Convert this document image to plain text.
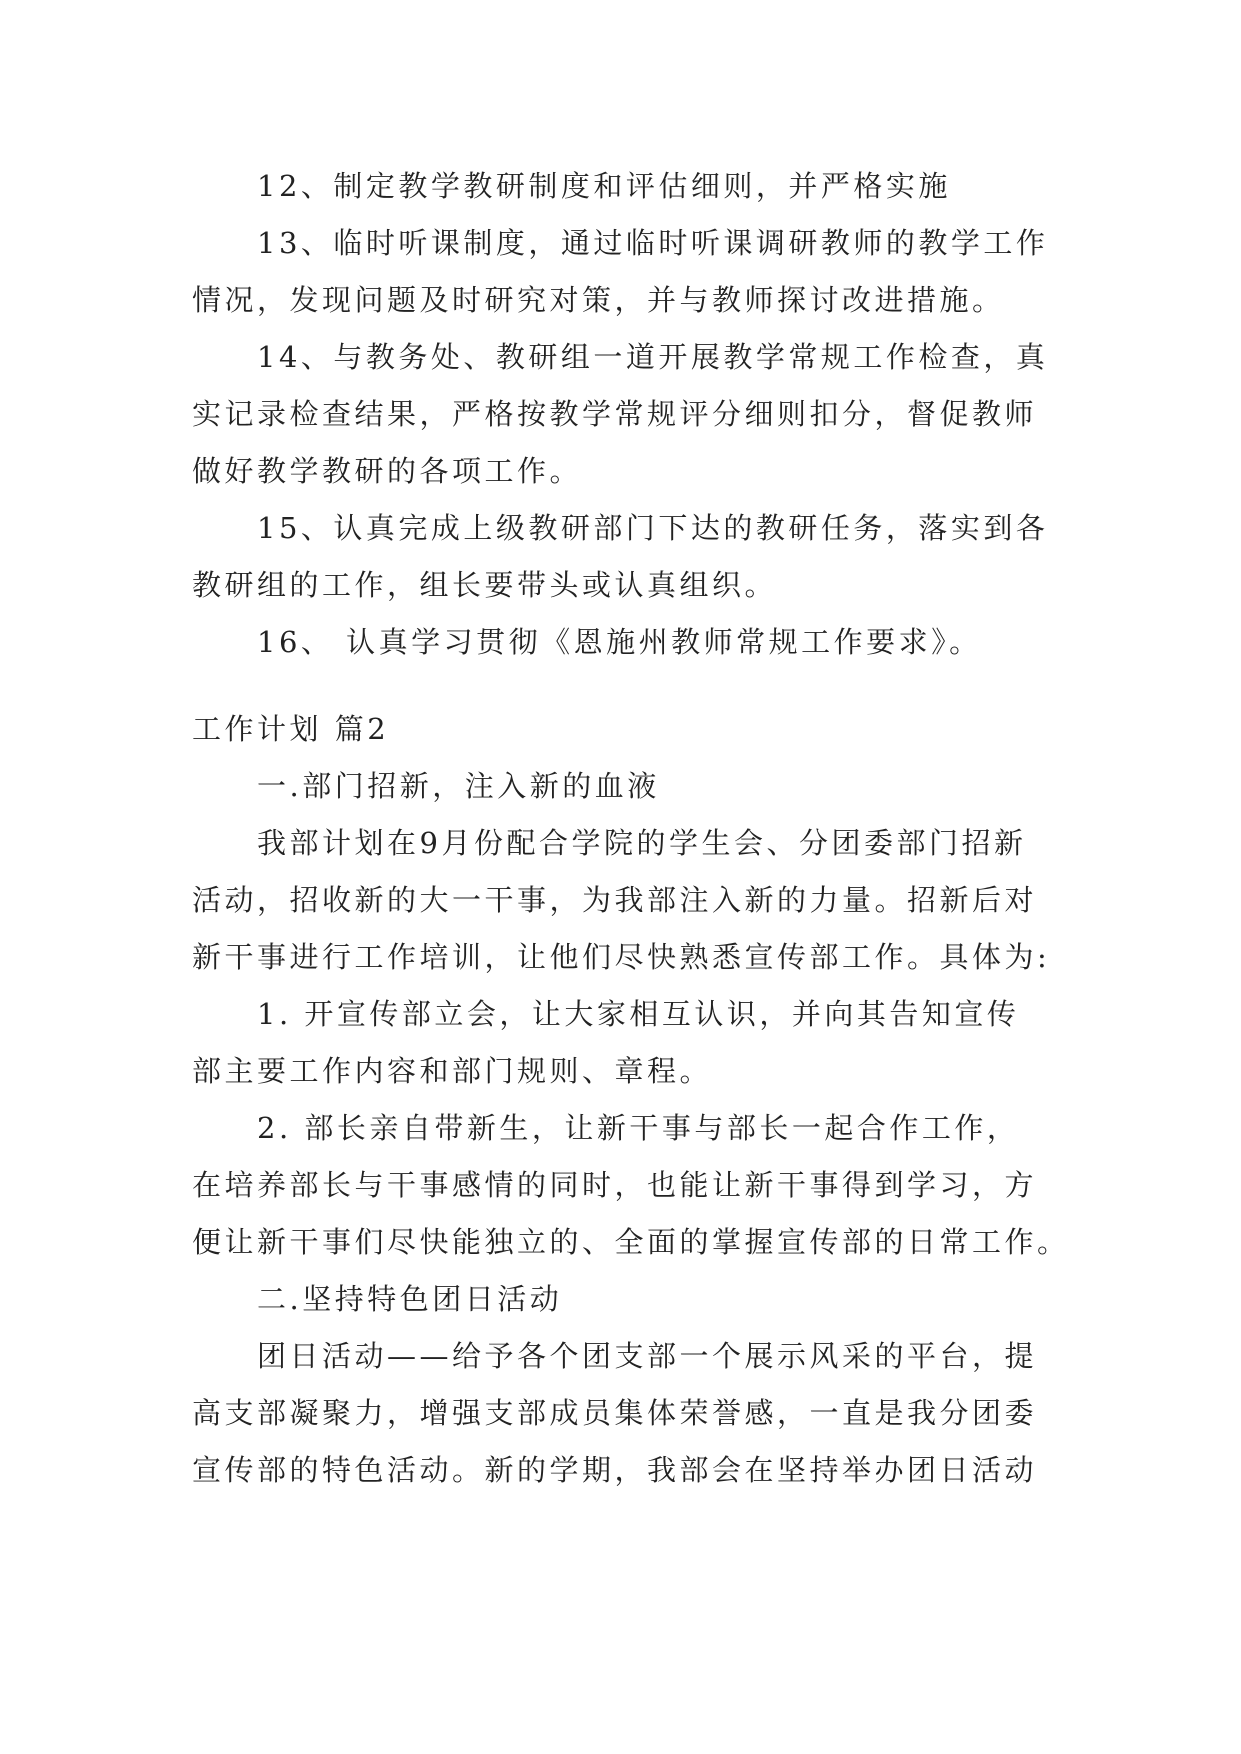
12、制定教学教研制度和评估细则，并严格实施

13、临时听课制度，通过临时听课调研教师的教学工作
情况，发现问题及时研究对策，并与教师探讨改进措施。

14、与教务处、教研组一道开展教学常规工作检查，真
实记录检查结果，严格按教学常规评分细则扣分，督促教师
做好教学教研的各项工作。

15、认真完成上级教研部门下达的教研任务，落实到各
教研组的工作，组长要带头或认真组织。

16、 认真学习贯彻《恩施州教师常规工作要求》。

工作计划 篇2

一.部门招新，注入新的血液

我部计划在9月份配合学院的学生会、分团委部门招新
活动，招收新的大一干事，为我部注入新的力量。招新后对
新干事进行工作培训，让他们尽快熟悉宣传部工作。具体为:

1. 开宣传部立会，让大家相互认识，并向其告知宣传
部主要工作内容和部门规则、章程。

2. 部长亲自带新生，让新干事与部长一起合作工作，
在培养部长与干事感情的同时，也能让新干事得到学习，方
便让新干事们尽快能独立的、全面的掌握宣传部的日常工作。

二.坚持特色团日活动

团日活动——给予各个团支部一个展示风采的平台，提
高支部凝聚力，增强支部成员集体荣誉感，一直是我分团委
宣传部的特色活动。新的学期，我部会在坚持举办团日活动
